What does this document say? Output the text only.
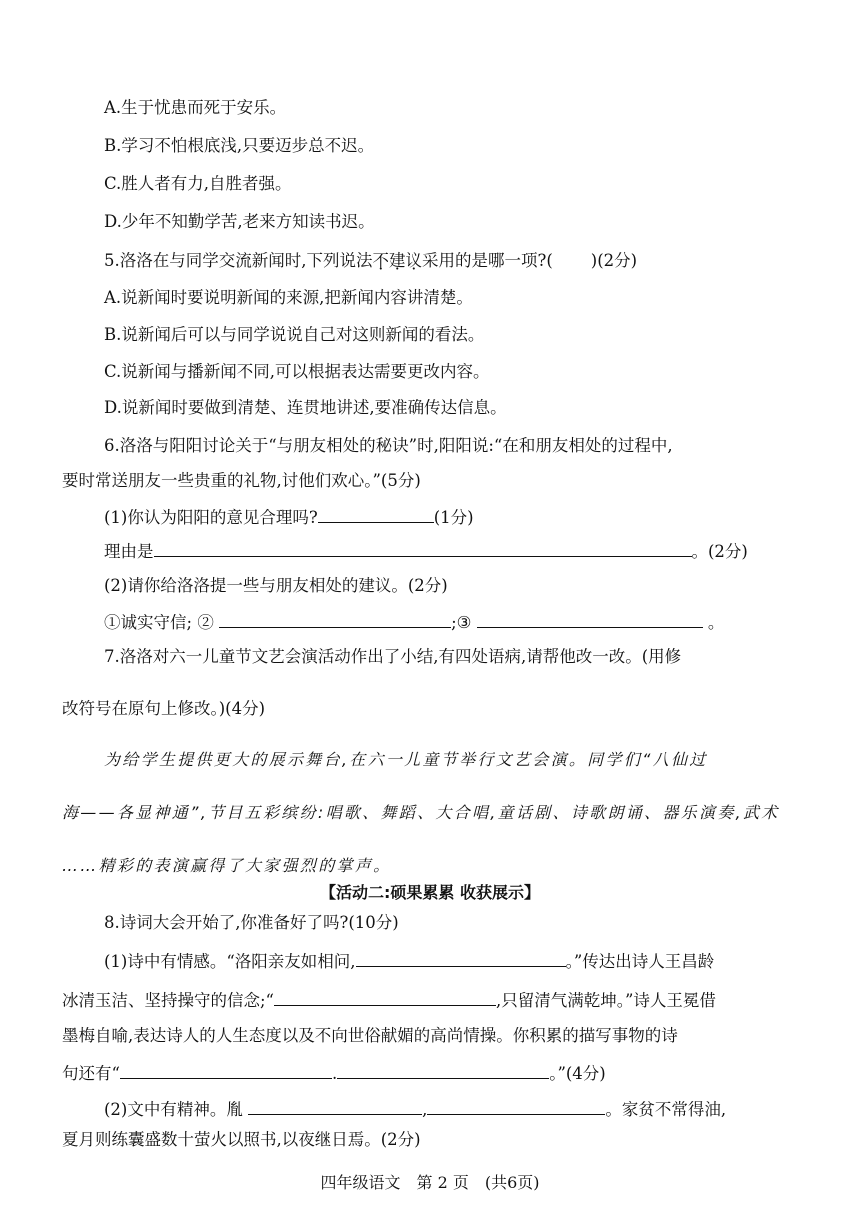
A.生于忧患而死于安乐。
B.学习不怕根底浅,只要迈步总不迟。
C.胜人者有力,自胜者强。
D.少年不知勤学苦,老来方知读书迟。
5.洛洛在与同学交流新闻时,下列说法不建议采用的是哪一项?( )(2分)
A.说新闻时要说明新闻的来源,把新闻内容讲清楚。
B.说新闻后可以与同学说说自己对这则新闻的看法。
C.说新闻与播新闻不同,可以根据表达需要更改内容。
D.说新闻时要做到清楚、连贯地讲述,要准确传达信息。
6.洛洛与阳阳讨论关于“与朋友相处的秘诀”时,阳阳说:“在和朋友相处的过程中,
要时常送朋友一些贵重的礼物,讨他们欢心。”(5分)
(1)你认为阳阳的意见合理吗?	(1分)
理由是	。(2分)
(2)请你给洛洛提一些与朋友相处的建议。(2分)
①诚实守信; ②	;③	。
7.洛洛对六一儿童节文艺会演活动作出了小结,有四处语病,请帮他改一改。(用修
改符号在原句上修改。)(4分)
为给学生提供更大的展示舞台,在六一儿童节举行文艺会演。同学们“八仙过
海——各显神通”,节目五彩缤纷:唱歌、舞蹈、大合唱,童话剧、诗歌朗诵、器乐演奏,武术
……精彩的表演赢得了大家强烈的掌声。
【活动二:硕果累累 收获展示】
8.诗词大会开始了,你准备好了吗?(10分)
(1)诗中有情感。“洛阳亲友如相问,	。”传达出诗人王昌龄
冰清玉洁、坚持操守的信念;“	,只留清气满乾坤。”诗人王冕借
墨梅自喻,表达诗人的人生态度以及不向世俗献媚的高尚情操。你积累的描写事物的诗
句还有“	.	。”(4分)
(2)文中有精神。胤	,	。家贫不常得油,
夏月则练囊盛数十萤火以照书,以夜继日焉。(2分)
四年级语文 第 2 页 (共6页)
